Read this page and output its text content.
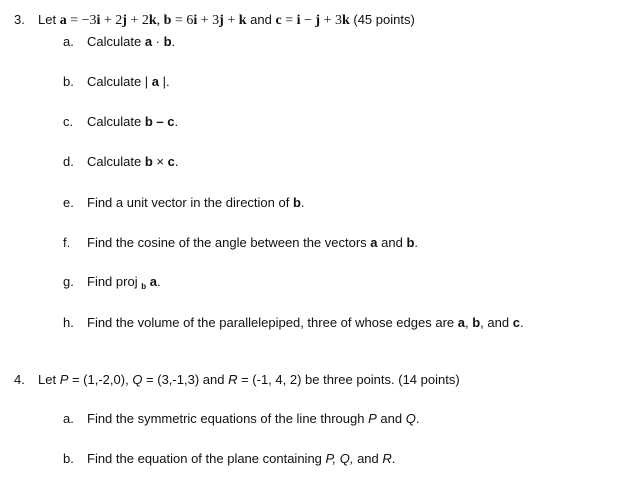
3. Let a = −3i + 2j + 2k, b = 6i + 3j + k and c = i − j + 3k (45 points)
a. Calculate a · b.
b. Calculate | a |.
c. Calculate b – c.
d. Calculate b × c.
e. Find a unit vector in the direction of b.
f. Find the cosine of the angle between the vectors a and b.
g. Find proj $_b$ a.
h. Find the volume of the parallelepiped, three of whose edges are a, b, and c.
4. Let P = (1,-2,0), Q = (3,-1,3) and R = (-1, 4, 2) be three points. (14 points)
a. Find the symmetric equations of the line through P and Q.
b. Find the equation of the plane containing P, Q, and R.
